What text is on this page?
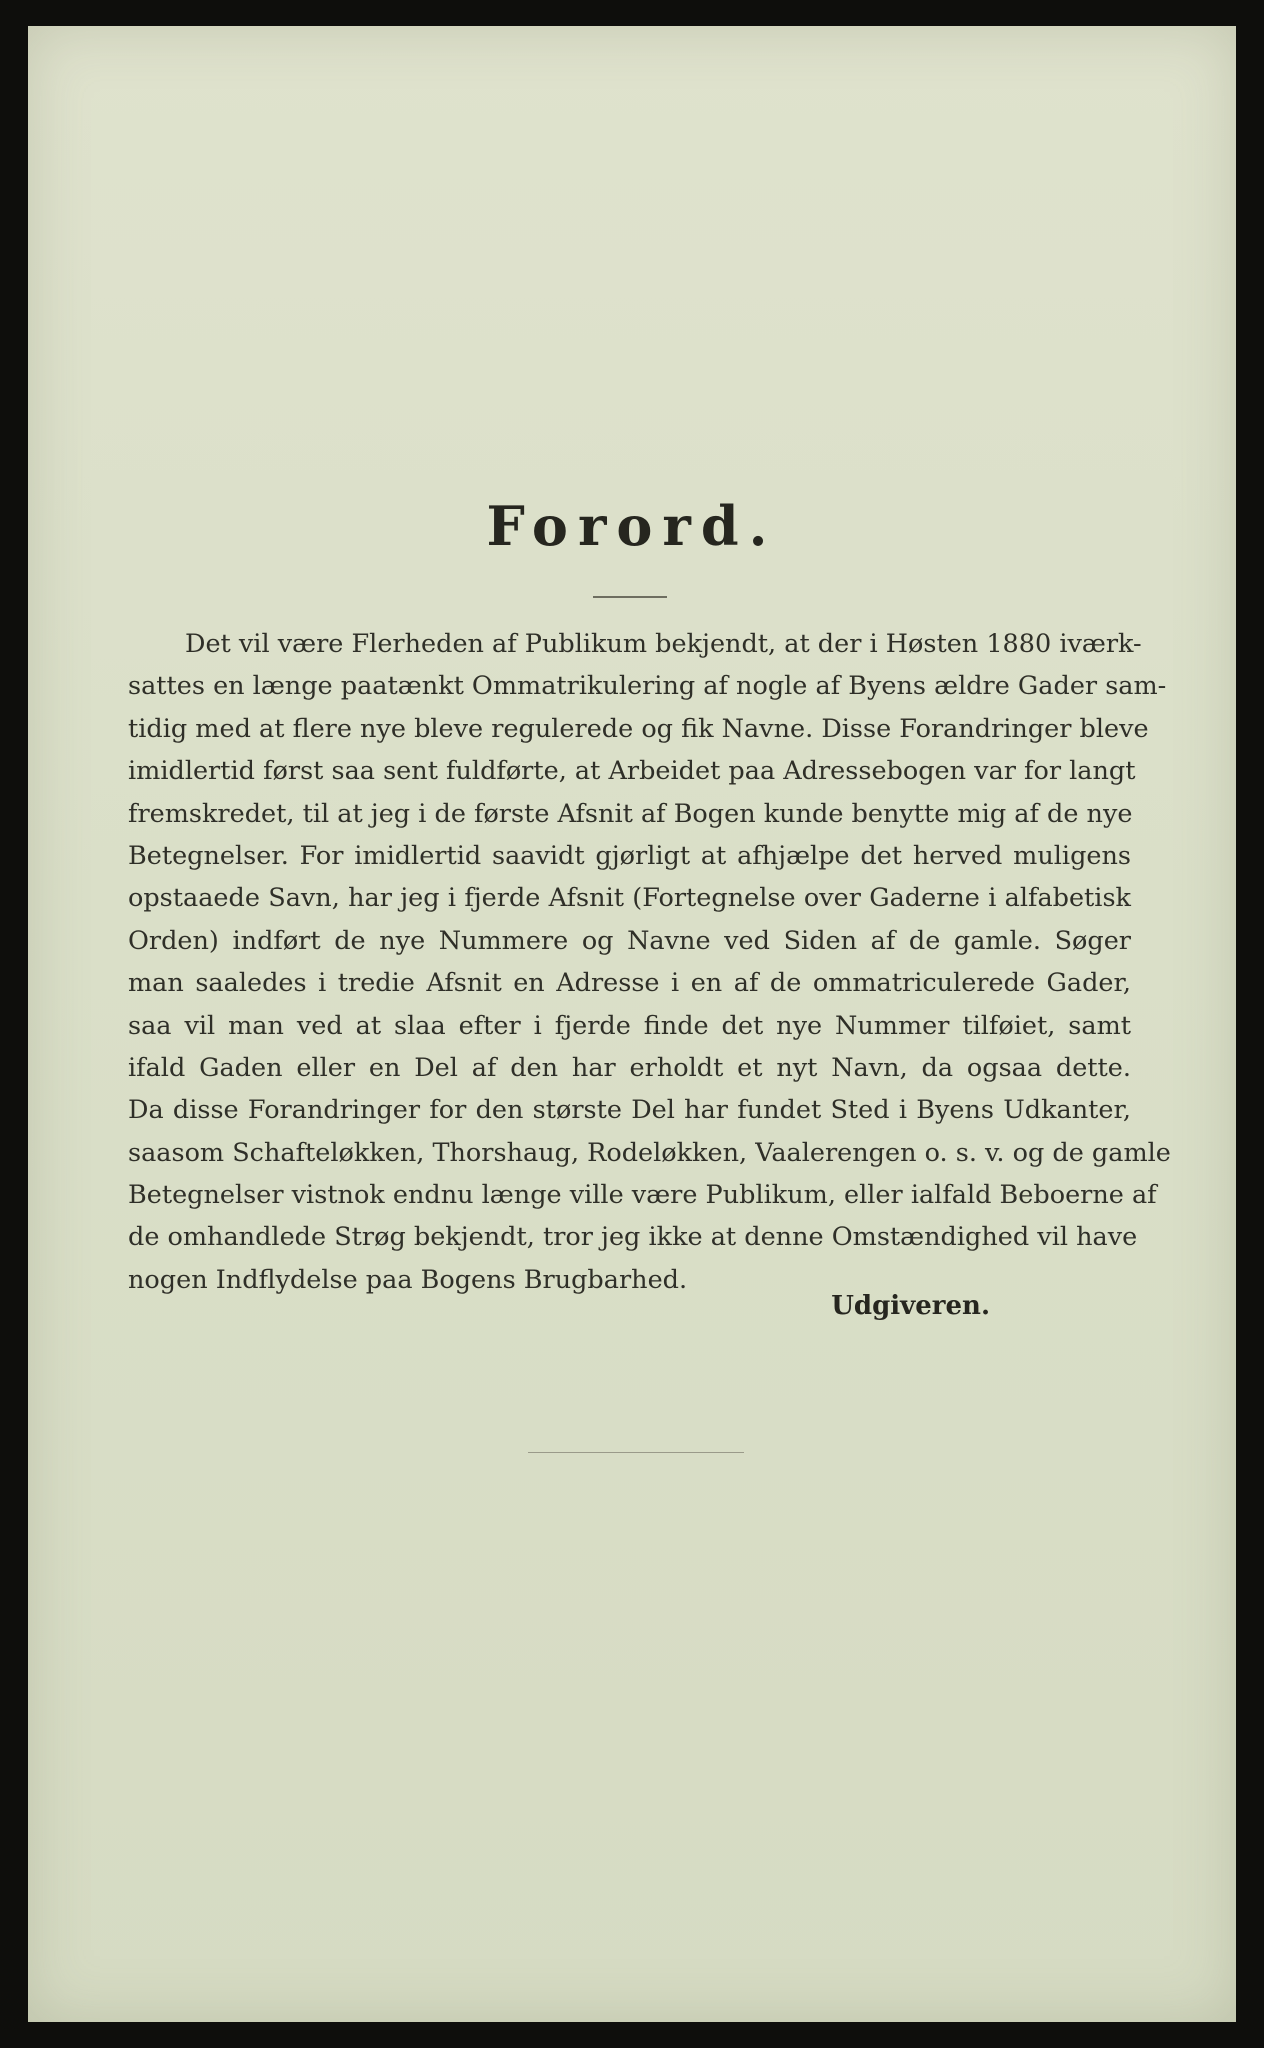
Forord.
Det vil være Flerheden af Publikum bekjendt, at der i Høsten 1880 iværk-
sattes en længe paatænkt Ommatrikulering af nogle af Byens ældre Gader sam-
tidig med at flere nye bleve regulerede og fik Navne. Disse Forandringer bleve
imidlertid først saa sent fuldførte, at Arbeidet paa Adressebogen var for langt
fremskredet, til at jeg i de første Afsnit af Bogen kunde benytte mig af de nye
Betegnelser. For imidlertid saavidt gjørligt at afhjælpe det herved muligens
opstaaede Savn, har jeg i fjerde Afsnit (Fortegnelse over Gaderne i alfabetisk
Orden) indført de nye Nummere og Navne ved Siden af de gamle. Søger
man saaledes i tredie Afsnit en Adresse i en af de ommatriculerede Gader,
saa vil man ved at slaa efter i fjerde finde det nye Nummer tilføiet, samt
ifald Gaden eller en Del af den har erholdt et nyt Navn, da ogsaa dette.
Da disse Forandringer for den største Del har fundet Sted i Byens Udkanter,
saasom Schafteløkken, Thorshaug, Rodeløkken, Vaalerengen o. s. v. og de gamle
Betegnelser vistnok endnu længe ville være Publikum, eller ialfald Beboerne af
de omhandlede Strøg bekjendt, tror jeg ikke at denne Omstændighed vil have
nogen Indflydelse paa Bogens Brugbarhed.
Udgiveren.
